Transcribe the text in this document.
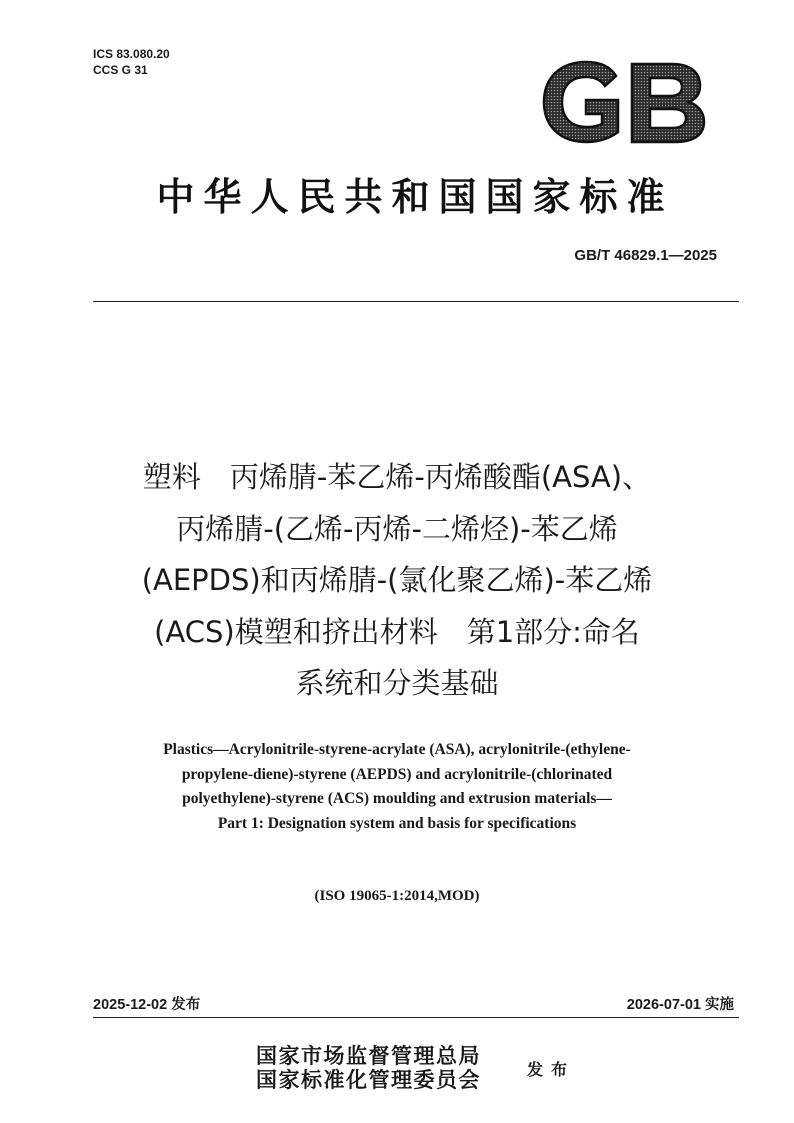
ICS 83.080.20
CCS G 31
中华人民共和国国家标准
GB/T 46829.1—2025
塑料　丙烯腈-苯乙烯-丙烯酸酯(ASA)、
丙烯腈-(乙烯-丙烯-二烯烃)-苯乙烯
(AEPDS)和丙烯腈-(氯化聚乙烯)-苯乙烯
(ACS)模塑和挤出材料　第1部分:命名
系统和分类基础
Plastics—Acrylonitrile-styrene-acrylate (ASA), acrylonitrile-(ethylene-
propylene-diene)-styrene (AEPDS) and acrylonitrile-(chlorinated
polyethylene)-styrene (ACS) moulding and extrusion materials—
Part 1: Designation system and basis for specifications
(ISO 19065-1:2014,MOD)
2025-12-02 发布	2026-07-01 实施
国家市场监督管理总局
国家标准化管理委员会	发布
